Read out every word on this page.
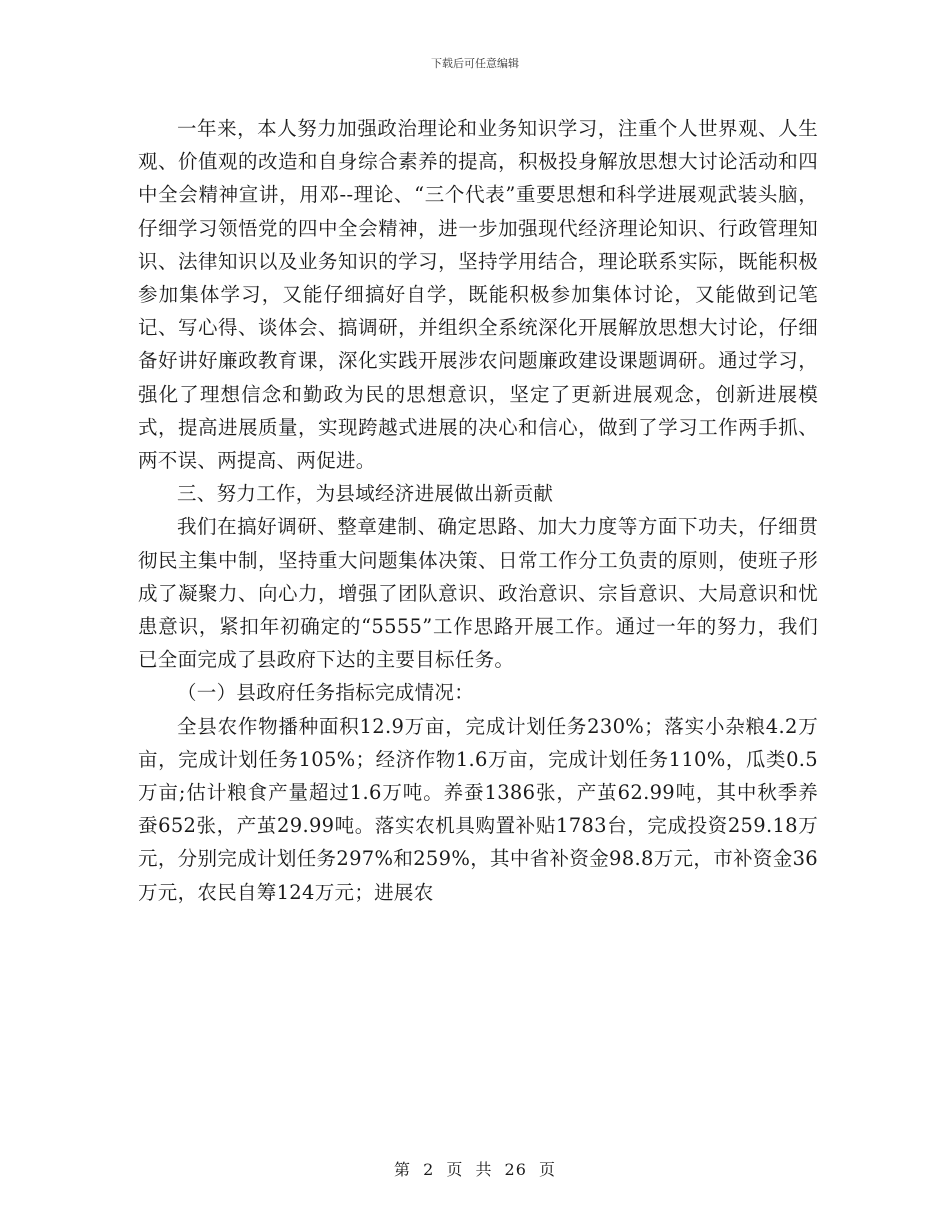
下载后可任意编辑

一年来，本人努力加强政治理论和业务知识学习，注重个人世界观、人生观、价值观的改造和自身综合素养的提高，积极投身解放思想大讨论活动和四中全会精神宣讲，用邓--理论、“三个代表”重要思想和科学进展观武装头脑，仔细学习领悟党的四中全会精神，进一步加强现代经济理论知识、行政管理知识、法律知识以及业务知识的学习，坚持学用结合，理论联系实际，既能积极参加集体学习，又能仔细搞好自学，既能积极参加集体讨论，又能做到记笔记、写心得、谈体会、搞调研，并组织全系统深化开展解放思想大讨论，仔细备好讲好廉政教育课，深化实践开展涉农问题廉政建设课题调研。通过学习，强化了理想信念和勤政为民的思想意识，坚定了更新进展观念，创新进展模式，提高进展质量，实现跨越式进展的决心和信心，做到了学习工作两手抓、两不误、两提高、两促进。

三、努力工作，为县域经济进展做出新贡献

我们在搞好调研、整章建制、确定思路、加大力度等方面下功夫，仔细贯彻民主集中制，坚持重大问题集体决策、日常工作分工负责的原则，使班子形成了凝聚力、向心力，增强了团队意识、政治意识、宗旨意识、大局意识和忧患意识，紧扣年初确定的“5555”工作思路开展工作。通过一年的努力，我们已全面完成了县政府下达的主要目标任务。

（一）县政府任务指标完成情况：

全县农作物播种面积12.9万亩，完成计划任务230%；落实小杂粮4.2万亩，完成计划任务105%；经济作物1.6万亩，完成计划任务110%，瓜类0.5万亩;估计粮食产量超过1.6万吨。养蚕1386张，产茧62.99吨，其中秋季养蚕652张，产茧29.99吨。落实农机具购置补贴1783台，完成投资259.18万元，分别完成计划任务297%和259%，其中省补资金98.8万元，市补资金36万元，农民自筹124万元；进展农

第 2 页 共 26 页
